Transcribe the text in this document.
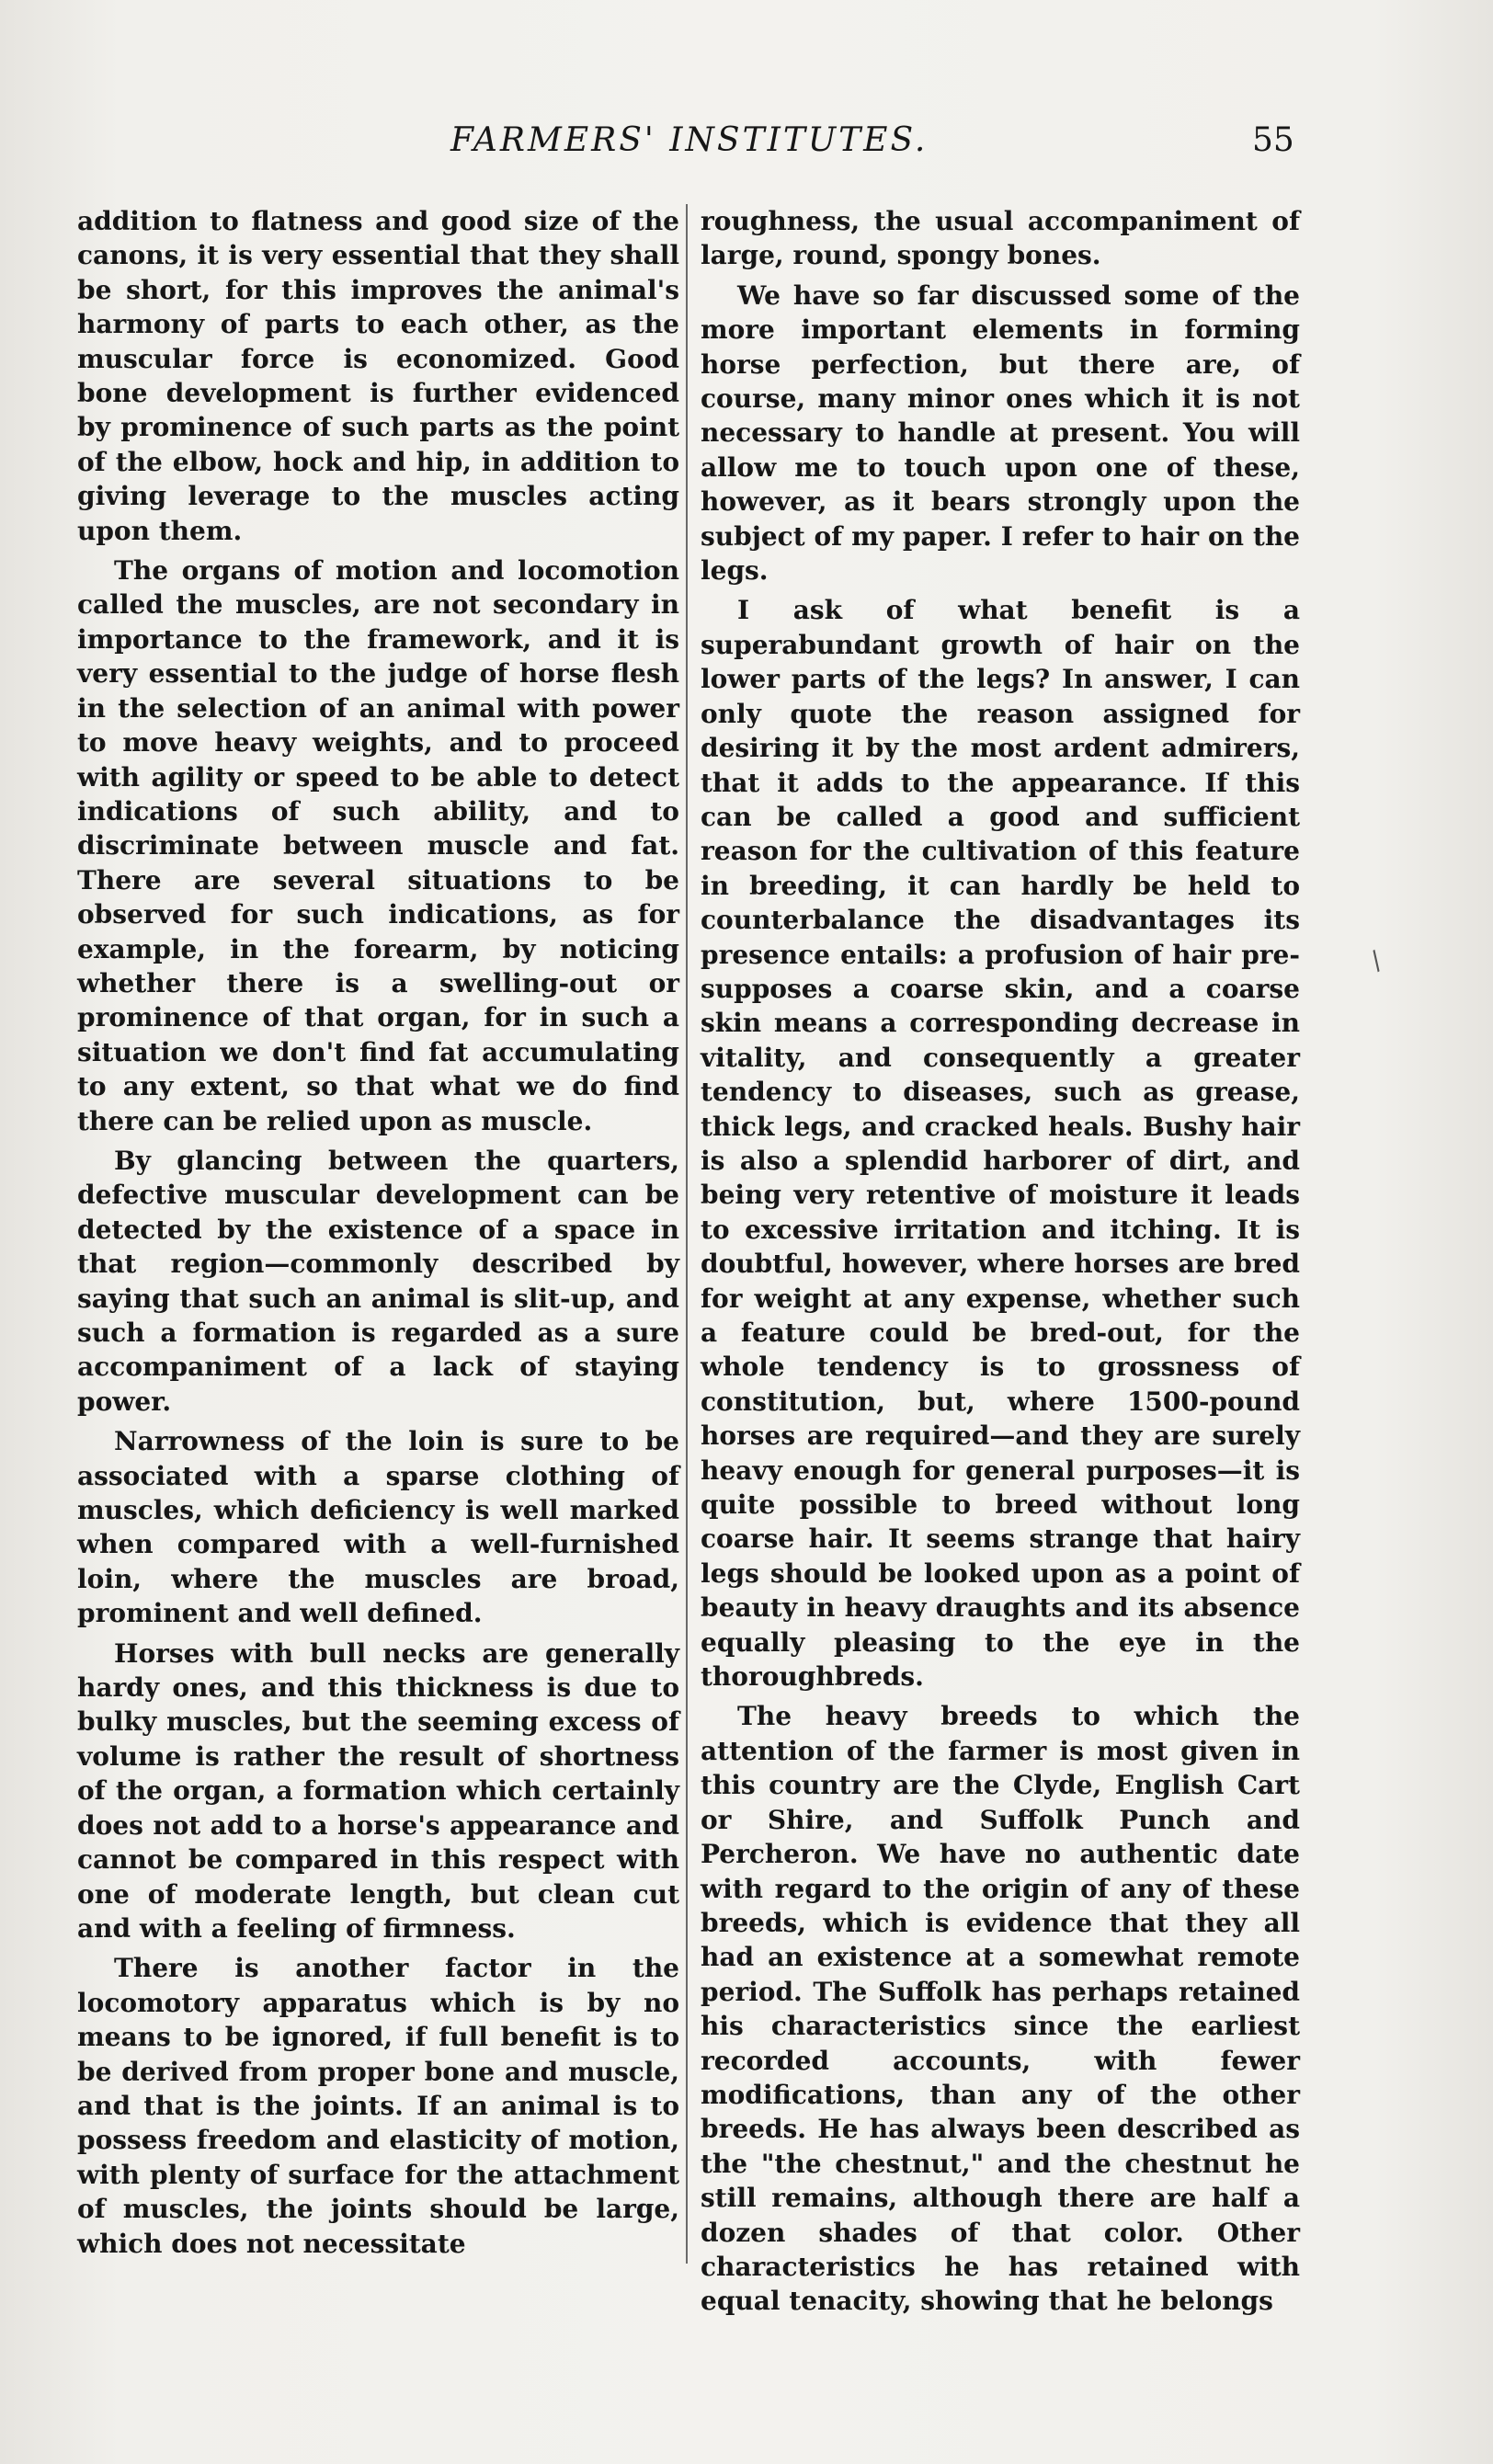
FARMERS' INSTITUTES.	55

addition to flatness and good size of the canons, it is very essential that they shall be short, for this improves the animal's harmony of parts to each other, as the muscular force is economized. Good bone development is further evidenced by prominence of such parts as the point of the elbow, hock and hip, in addition to giving leverage to the muscles acting upon them.

The organs of motion and locomotion called the muscles, are not secondary in importance to the framework, and it is very essential to the judge of horse flesh in the selection of an animal with power to move heavy weights, and to proceed with agility or speed to be able to detect indications of such ability, and to discriminate between muscle and fat. There are several situations to be observed for such indications, as for example, in the forearm, by noticing whether there is a swelling-out or prominence of that organ, for in such a situation we don't find fat accumulating to any extent, so that what we do find there can be relied upon as muscle.

By glancing between the quarters, defective muscular development can be detected by the existence of a space in that region—commonly described by saying that such an animal is slit-up, and such a formation is regarded as a sure accompaniment of a lack of staying power.

Narrowness of the loin is sure to be associated with a sparse clothing of muscles, which deficiency is well marked when compared with a well-furnished loin, where the muscles are broad, prominent and well defined.

Horses with bull necks are generally hardy ones, and this thickness is due to bulky muscles, but the seeming excess of volume is rather the result of shortness of the organ, a formation which certainly does not add to a horse's appearance and cannot be compared in this respect with one of moderate length, but clean cut and with a feeling of firmness.

There is another factor in the locomotory apparatus which is by no means to be ignored, if full benefit is to be derived from proper bone and muscle, and that is the joints. If an animal is to possess freedom and elasticity of motion, with plenty of surface for the attachment of muscles, the joints should be large, which does not necessitate

roughness, the usual accompaniment of large, round, spongy bones.

We have so far discussed some of the more important elements in forming horse perfection, but there are, of course, many minor ones which it is not necessary to handle at present. You will allow me to touch upon one of these, however, as it bears strongly upon the subject of my paper. I refer to hair on the legs.

I ask of what benefit is a superabundant growth of hair on the lower parts of the legs? In answer, I can only quote the reason assigned for desiring it by the most ardent admirers, that it adds to the appearance. If this can be called a good and sufficient reason for the cultivation of this feature in breeding, it can hardly be held to counterbalance the disadvantages its presence entails: a profusion of hair pre-supposes a coarse skin, and a coarse skin means a corresponding decrease in vitality, and consequently a greater tendency to diseases, such as grease, thick legs, and cracked heals. Bushy hair is also a splendid harborer of dirt, and being very retentive of moisture it leads to excessive irritation and itching. It is doubtful, however, where horses are bred for weight at any expense, whether such a feature could be bred-out, for the whole tendency is to grossness of constitution, but, where 1500-pound horses are required—and they are surely heavy enough for general purposes—it is quite possible to breed without long coarse hair. It seems strange that hairy legs should be looked upon as a point of beauty in heavy draughts and its absence equally pleasing to the eye in the thoroughbreds.

The heavy breeds to which the attention of the farmer is most given in this country are the Clyde, English Cart or Shire, and Suffolk Punch and Percheron. We have no authentic date with regard to the origin of any of these breeds, which is evidence that they all had an existence at a somewhat remote period. The Suffolk has perhaps retained his characteristics since the earliest recorded accounts, with fewer modifications, than any of the other breeds. He has always been described as the "the chestnut," and the chestnut he still remains, although there are half a dozen shades of that color. Other characteristics he has retained with equal tenacity, showing that he belongs

/
